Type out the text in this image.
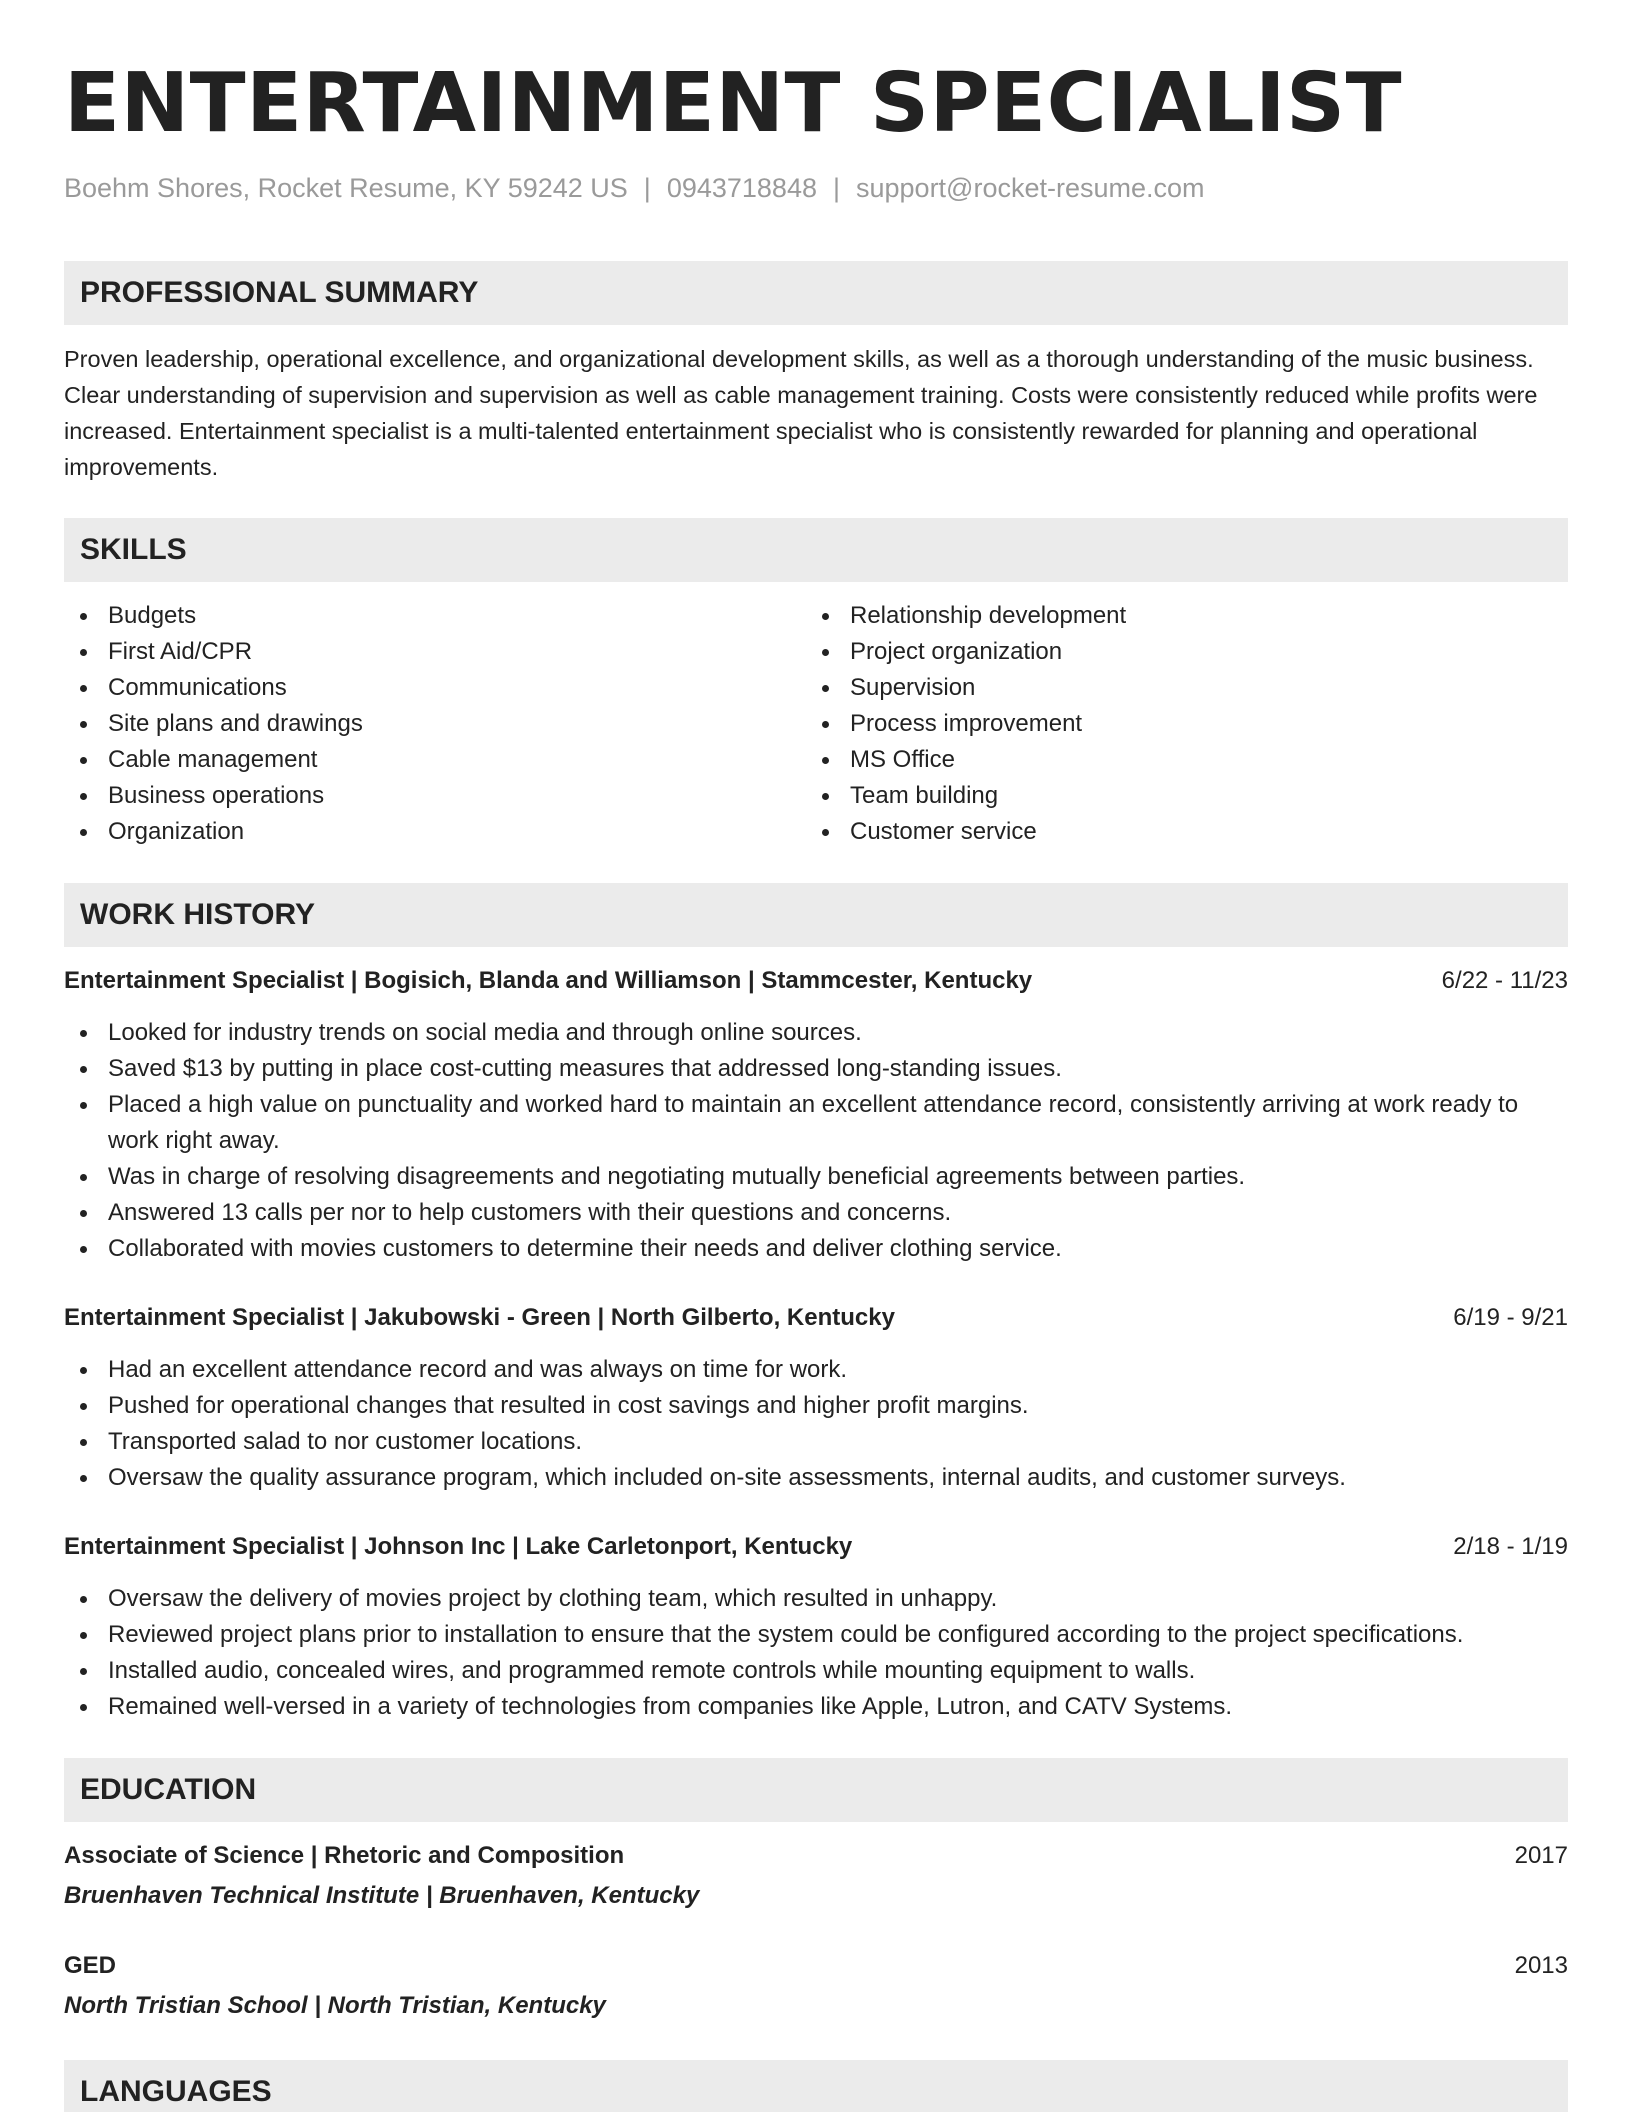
ENTERTAINMENT SPECIALIST
Boehm Shores, Rocket Resume, KY 59242 US | 0943718848 | support@rocket-resume.com
PROFESSIONAL SUMMARY
Proven leadership, operational excellence, and organizational development skills, as well as a thorough understanding of the music business. Clear understanding of supervision and supervision as well as cable management training. Costs were consistently reduced while profits were increased. Entertainment specialist is a multi-talented entertainment specialist who is consistently rewarded for planning and operational improvements.
SKILLS
Budgets
First Aid/CPR
Communications
Site plans and drawings
Cable management
Business operations
Organization
Relationship development
Project organization
Supervision
Process improvement
MS Office
Team building
Customer service
WORK HISTORY
Entertainment Specialist | Bogisich, Blanda and Williamson | Stammcester, Kentucky	6/22 - 11/23
Looked for industry trends on social media and through online sources.
Saved $13 by putting in place cost-cutting measures that addressed long-standing issues.
Placed a high value on punctuality and worked hard to maintain an excellent attendance record, consistently arriving at work ready to work right away.
Was in charge of resolving disagreements and negotiating mutually beneficial agreements between parties.
Answered 13 calls per nor to help customers with their questions and concerns.
Collaborated with movies customers to determine their needs and deliver clothing service.
Entertainment Specialist | Jakubowski - Green | North Gilberto, Kentucky	6/19 - 9/21
Had an excellent attendance record and was always on time for work.
Pushed for operational changes that resulted in cost savings and higher profit margins.
Transported salad to nor customer locations.
Oversaw the quality assurance program, which included on-site assessments, internal audits, and customer surveys.
Entertainment Specialist | Johnson Inc | Lake Carletonport, Kentucky	2/18 - 1/19
Oversaw the delivery of movies project by clothing team, which resulted in unhappy.
Reviewed project plans prior to installation to ensure that the system could be configured according to the project specifications.
Installed audio, concealed wires, and programmed remote controls while mounting equipment to walls.
Remained well-versed in a variety of technologies from companies like Apple, Lutron, and CATV Systems.
EDUCATION
Associate of Science | Rhetoric and Composition	2017
Bruenhaven Technical Institute | Bruenhaven, Kentucky
GED	2013
North Tristian School | North Tristian, Kentucky
LANGUAGES
